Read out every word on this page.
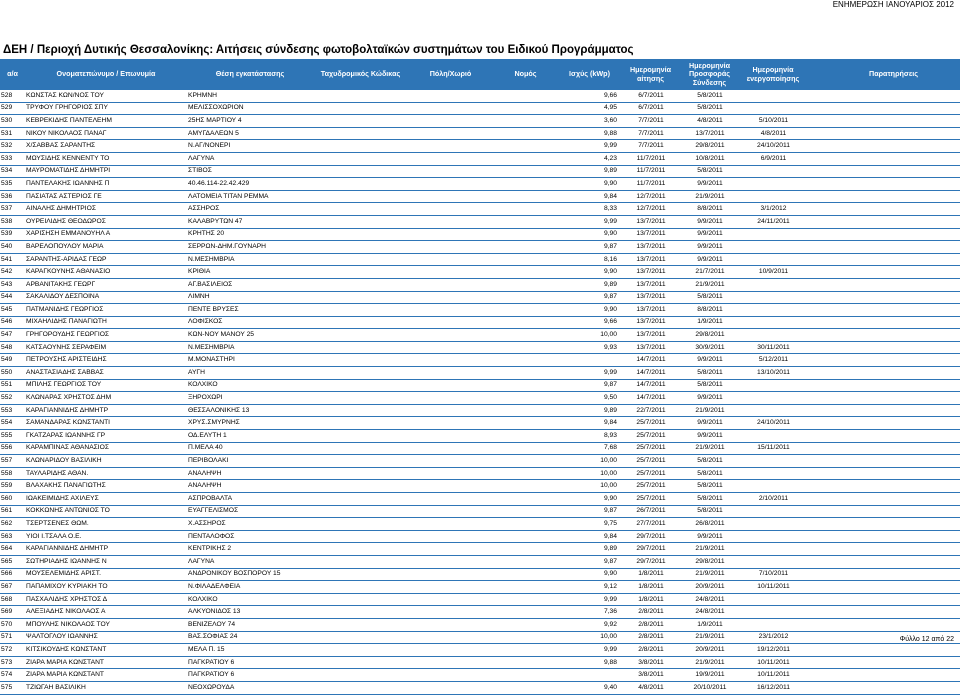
ΕΝΗΜΕΡΩΣΗ ΙΑΝΟΥΑΡΙΟΣ 2012
ΔΕΗ / Περιοχή Δυτικής Θεσσαλονίκης: Αιτήσεις σύνδεσης φωτοβολταϊκών συστημάτων του Ειδικού Προγράμματος
α/α	Ονοματεπώνυμο / Επωνυμία	Θέση εγκατάστασης	Ταχυδρομικός Κώδικας	Πόλη/Χωριό	Νομός	Ισχύς (kWp)	Ημερομηνία αίτησης	Ημερομηνία Προσφοράς Σύνδεσης	Ημερομηνία ενεργοποίησης	Παρατηρήσεις
528	ΚΩΝΣΤΑΣ ΚΩΝ/ΝΟΣ ΤΟΥ	ΚΡΗΜΝΗ				9,66	6/7/2011	5/8/2011		
529	ΤΡΥΦΟΥ ΓΡΗΓΟΡΙΟΣ ΣΠΥ	ΜΕΛΙΣΣΟΧΩΡΙΟΝ				4,95	6/7/2011	5/8/2011		
530	ΚΕΒΡΕΚΙΔΗΣ ΠΑΝΤΕΛΕΗΜ	25ΗΣ ΜΑΡΤΙΟΥ 4				3,60	7/7/2011	4/8/2011	5/10/2011	
531	ΝΙΚΟΥ ΝΙΚΟΛΑΟΣ ΠΑΝΑΓ	ΑΜΥΓΔΑΛΕΩΝ 5				9,88	7/7/2011	13/7/2011	4/8/2011	
532	Χ/ΣΑΒΒΑΣ ΣΑΡΑΝΤΗΣ	Ν.ΑΓ/ΝΟΝΕΡΙ				9,99	7/7/2011	29/8/2011	24/10/2011	
533	ΜΩΥΣΙΔΗΣ ΚΕΝΝΕΝΤΥ ΤΟ	ΛΑΓΥΝΑ				4,23	11/7/2011	10/8/2011	6/9/2011	
534	ΜΑΥΡΟΜΑΤΙΔΗΣ ΔΗΜΗΤΡΙ	ΣΤΙΒΟΣ				9,89	11/7/2011	5/8/2011		
535	ΠΑΝΤΕΛΑΚΗΣ ΙΩΑΝΝΗΣ Π	40.46.114-22.42.429				9,90	11/7/2011	9/9/2011		
536	ΠΑΣΙΑΤΑΣ ΑΣΤΕΡΙΟΣ ΓΕ	ΛΑΤΟΜΕΙΑ ΤΙΤΑΝ ΡΕΜΜΑ				9,84	12/7/2011	21/9/2011		
537	ΑΙΝΑΛΗΣ ΔΗΜΗΤΡΙΟΣ	ΑΣΣΗΡΟΣ				8,33	12/7/2011	8/8/2011	3/1/2012	
538	ΟΥΡΕΙΛΙΔΗΣ ΘΕΟΔΩΡΟΣ	ΚΑΛΑΒΡΥΤΩΝ 47				9,99	13/7/2011	9/9/2011	24/11/2011	
539	ΧΑΡΙΣΗΣΗ ΕΜΜΑΝΟΥΗΛ Α	ΚΡΗΤΗΣ 20				9,90	13/7/2011	9/9/2011		
540	ΒΑΡΕΛΟΠΟΥΛΟΥ ΜΑΡΙΑ	ΣΕΡΡΩΝ-ΔΗΜ.ΓΟΥΝΑΡΗ				9,87	13/7/2011	9/9/2011		
541	ΣΑΡΑΝΤΗΣ-ΑΡΙΔΑΣ ΓΕΩΡ	Ν.ΜΕΣΗΜΒΡΙΑ				8,16	13/7/2011	9/9/2011		
542	ΚΑΡΑΓΚΟΥΝΗΣ ΑΘΑΝΑΣΙΟ	ΚΡΙΘΙΑ				9,90	13/7/2011	21/7/2011	10/9/2011	
543	ΑΡΒΑΝΙΤΑΚΗΣ ΓΕΩΡΓ	ΑΓ.ΒΑΣΙΛΕΙΟΣ				9,89	13/7/2011	21/9/2011		
544	ΣΑΚΑΛΙΔΟΥ ΔΕΣΠΟΙΝΑ	ΛΙΜΝΗ				9,87	13/7/2011	5/8/2011		
545	ΠΑΤΜΑΝΙΔΗΣ ΓΕΩΡΓΙΟΣ	ΠΕΝΤΕ ΒΡΥΣΕΣ				9,90	13/7/2011	8/8/2011		
546	ΜΙΧΑΗΛΙΔΗΣ ΠΑΝΑΓΙΩΤΗ	ΛΟΦΙΣΚΟΣ				9,66	13/7/2011	1/9/2011		
547	ΓΡΗΓΟΡΟΥΔΗΣ ΓΕΩΡΓΙΟΣ	ΚΩΝ-ΝΟΥ ΜΑΝΟΥ 25				10,00	13/7/2011	29/8/2011		
548	ΚΑΤΣΑΟΥΝΗΣ ΣΕΡΑΦΕΙΜ	Ν.ΜΕΣΗΜΒΡΙΑ				9,93	13/7/2011	30/9/2011	30/11/2011	
549	ΠΕΤΡΟΥΣΗΣ ΑΡΙΣΤΕΙΔΗΣ	Μ.ΜΟΝΑΣΤΗΡΙ					14/7/2011	9/9/2011	5/12/2011	
550	ΑΝΑΣΤΑΣΙΑΔΗΣ ΣΑΒΒΑΣ	ΑΥΓΗ				9,99	14/7/2011	5/8/2011	13/10/2011	
551	ΜΠΙΛΗΣ ΓΕΩΡΓΙΟΣ ΤΟΥ	ΚΟΛΧΙΚΟ				9,87	14/7/2011	5/8/2011		
552	ΚΛΩΝΑΡΑΣ ΧΡΗΣΤΟΣ ΔΗΜ	ΞΗΡΟΧΩΡΙ				9,50	14/7/2011	9/9/2011		
553	ΚΑΡΑΓΙΑΝΝΙΔΗΣ ΔΗΜΗΤΡ	ΘΕΣΣΑΛΟΝΙΚΗΣ 13				9,89	22/7/2011	21/9/2011		
554	ΣΑΜΑΝΔΑΡΑΣ ΚΩΝΣΤΑΝΤΙ	ΧΡΥΣ.ΣΜΥΡΝΗΣ				9,84	25/7/2011	9/9/2011	24/10/2011	
555	ΓΚΑΤΖΑΡΑΣ ΙΩΑΝΝΗΣ ΓΡ	ΟΔ.ΕΛΥΤΗ 1				8,93	25/7/2011	9/9/2011		
556	ΚΑΡΑΜΠΙΝΑΣ ΑΘΑΝΑΣΙΟΣ	Π.ΜΕΛΑ 40				7,68	25/7/2011	21/9/2011	15/11/2011	
557	ΚΛΩΝΑΡΙΔΟΥ ΒΑΣΙΛΙΚΗ	ΠΕΡΙΒΟΛΑΚΙ				10,00	25/7/2011	5/8/2011		
558	ΤΑΥΛΑΡΙΔΗΣ ΑΘΑΝ.	ΑΝΑΛΗΨΗ				10,00	25/7/2011	5/8/2011		
559	ΒΛΑΧΑΚΗΣ ΠΑΝΑΓΙΩΤΗΣ	ΑΝΑΛΗΨΗ				10,00	25/7/2011	5/8/2011		
560	ΙΩΑΚΕΙΜΙΔΗΣ ΑΧΙΛΕΥΣ	ΑΣΠΡΟΒΑΛΤΑ				9,90	25/7/2011	5/8/2011	2/10/2011	
561	ΚΟΚΚΩΝΗΣ ΑΝΤΩΝΙΟΣ ΤΟ	ΕΥΑΓΓΕΛΙΣΜΟΣ				9,87	26/7/2011	5/8/2011		
562	ΤΣΕΡΤΣΕΝΕΣ ΘΩΜ.	Χ.ΑΣΣΗΡΟΣ				9,75	27/7/2011	26/8/2011		
563	ΥΙΟΙ Ι.ΤΣΑΛΑ Ο.Ε.	ΠΕΝΤΑΛΟΦΟΣ				9,84	29/7/2011	9/9/2011		
564	ΚΑΡΑΓΙΑΝΝΙΔΗΣ ΔΗΜΗΤΡ	ΚΕΝΤΡΙΚΗΣ 2				9,89	29/7/2011	21/9/2011		
565	ΣΩΤΗΡΙΑΔΗΣ ΙΩΑΝΝΗΣ Ν	ΛΑΓΥΝΑ				9,87	29/7/2011	29/8/2011		
566	ΜΟΥΣΕΛΕΜΙΔΗΣ ΑΡΙΣΤ.	ΑΝΔΡΟΝΙΚΟΥ ΒΟΣΠΟΡΟΥ 15				9,90	1/8/2011	21/9/2011	7/10/2011	
567	ΠΑΠΑΜΙΧΟΥ ΚΥΡΙΑΚΗ ΤΟ	Ν.ΦΙΛΑΔΕΛΦΕΙΑ				9,12	1/8/2011	20/9/2011	10/11/2011	
568	ΠΑΣΧΑΛΙΔΗΣ ΧΡΗΣΤΟΣ Δ	ΚΟΛΧΙΚΟ				9,99	1/8/2011	24/8/2011		
569	ΑΛΕΞΙΑΔΗΣ ΝΙΚΟΛΑΟΣ Α	ΑΛΚΥΟΝΙΔΟΣ 13				7,36	2/8/2011	24/8/2011		
570	ΜΠΟΥΛΗΣ ΝΙΚΟΛΑΟΣ ΤΟΥ	ΒΕΝΙΖΕΛΟΥ 74				9,92	2/8/2011	1/9/2011		
571	ΨΑΛΤΟΓΛΟΥ ΙΩΑΝΝΗΣ	ΒΑΣ.ΣΟΦΙΑΣ 24				10,00	2/8/2011	21/9/2011	23/1/2012	
572	ΚΙΤΣΙΚΟΥΔΗΣ ΚΩΝΣΤΑΝΤ	ΜΕΛΑ Π. 15				9,99	2/8/2011	20/9/2011	19/12/2011	
573	ΖΙΑΡΑ ΜΑΡΙΑ ΚΩΝΣΤΑΝΤ	ΠΑΓΚΡΑΤΙΟΥ 6				9,88	3/8/2011	21/9/2011	10/11/2011	
574	ΖΙΑΡΑ ΜΑΡΙΑ ΚΩΝΣΤΑΝΤ	ΠΑΓΚΡΑΤΙΟΥ 6					3/8/2011	19/9/2011	10/11/2011	
575	ΤΖΙΩΓΑΗ ΒΑΣΙΛΙΚΗ	ΝΕΟΧΩΡΟΥΔΑ				9,40	4/8/2011	20/10/2011	16/12/2011	
Φύλλο 12 από 22
